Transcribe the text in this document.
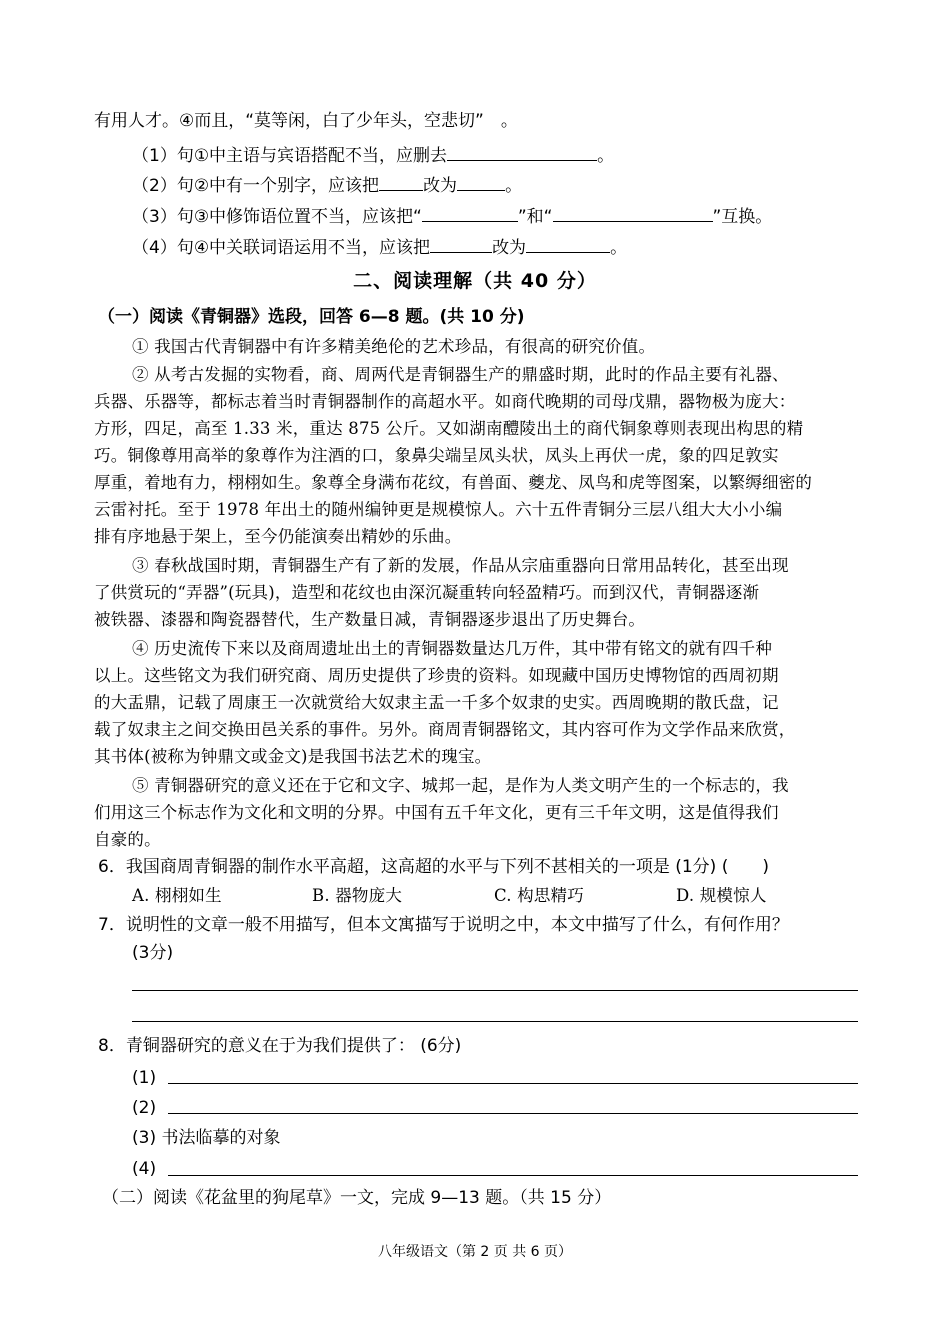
有用人才。④而且，“莫等闲，白了少年头，空悲切”　。
（1）句①中主语与宾语搭配不当，应删去	。
（2）句②中有一个别字，应该把	改为	。
（3）句③中修饰语位置不当，应该把“	”和“	”互换。
（4）句④中关联词语运用不当，应该把	改为	。
二、阅读理解（共 40 分）
（一）阅读《青铜器》选段，回答 6—8 题。(共 10 分)
① 我国古代青铜器中有许多精美绝伦的艺术珍品，有很高的研究价值。
② 从考古发掘的实物看，商、周两代是青铜器生产的鼎盛时期，此时的作品主要有礼器、
兵器、乐器等，都标志着当时青铜器制作的高超水平。如商代晚期的司母戊鼎，器物极为庞大：
方形，四足，高至 1.33 米，重达 875 公斤。又如湖南醴陵出土的商代铜象尊则表现出构思的精
巧。铜像尊用高举的象尊作为注酒的口，象鼻尖端呈凤头状，凤头上再伏一虎，象的四足敦实
厚重，着地有力，栩栩如生。象尊全身满布花纹，有兽面、夔龙、凤鸟和虎等图案，以繁缛细密的
云雷衬托。至于 1978 年出土的随州编钟更是规模惊人。六十五件青铜分三层八组大大小小编
排有序地悬于架上，至今仍能演奏出精妙的乐曲。
③ 春秋战国时期，青铜器生产有了新的发展，作品从宗庙重器向日常用品转化，甚至出现
了供赏玩的“弄器”(玩具)，造型和花纹也由深沉凝重转向轻盈精巧。而到汉代，青铜器逐渐
被铁器、漆器和陶瓷器替代，生产数量日减，青铜器逐步退出了历史舞台。
④ 历史流传下来以及商周遗址出土的青铜器数量达几万件，其中带有铭文的就有四千种
以上。这些铭文为我们研究商、周历史提供了珍贵的资料。如现藏中国历史博物馆的西周初期
的大盂鼎，记载了周康王一次就赏给大奴隶主盂一千多个奴隶的史实。西周晚期的散氏盘，记
载了奴隶主之间交换田邑关系的事件。另外。商周青铜器铭文，其内容可作为文学作品来欣赏，
其书体(被称为钟鼎文或金文)是我国书法艺术的瑰宝。
⑤ 青铜器研究的意义还在于它和文字、城邦一起，是作为人类文明产生的一个标志的，我
们用这三个标志作为文化和文明的分界。中国有五千年文化，更有三千年文明，这是值得我们
自豪的。
6．我国商周青铜器的制作水平高超，这高超的水平与下列不甚相关的一项是 (1分) (　　)
A. 栩栩如生	B. 器物庞大	C. 构思精巧	D. 规模惊人
7．说明性的文章一般不用描写，但本文寓描写于说明之中，本文中描写了什么，有何作用？
(3分)
8．青铜器研究的意义在于为我们提供了： (6分)
(1)
(2)
(3) 书法临摹的对象
(4)
（二）阅读《花盆里的狗尾草》一文，完成 9—13 题。（共 15 分）
八年级语文（第 2 页 共 6 页）
